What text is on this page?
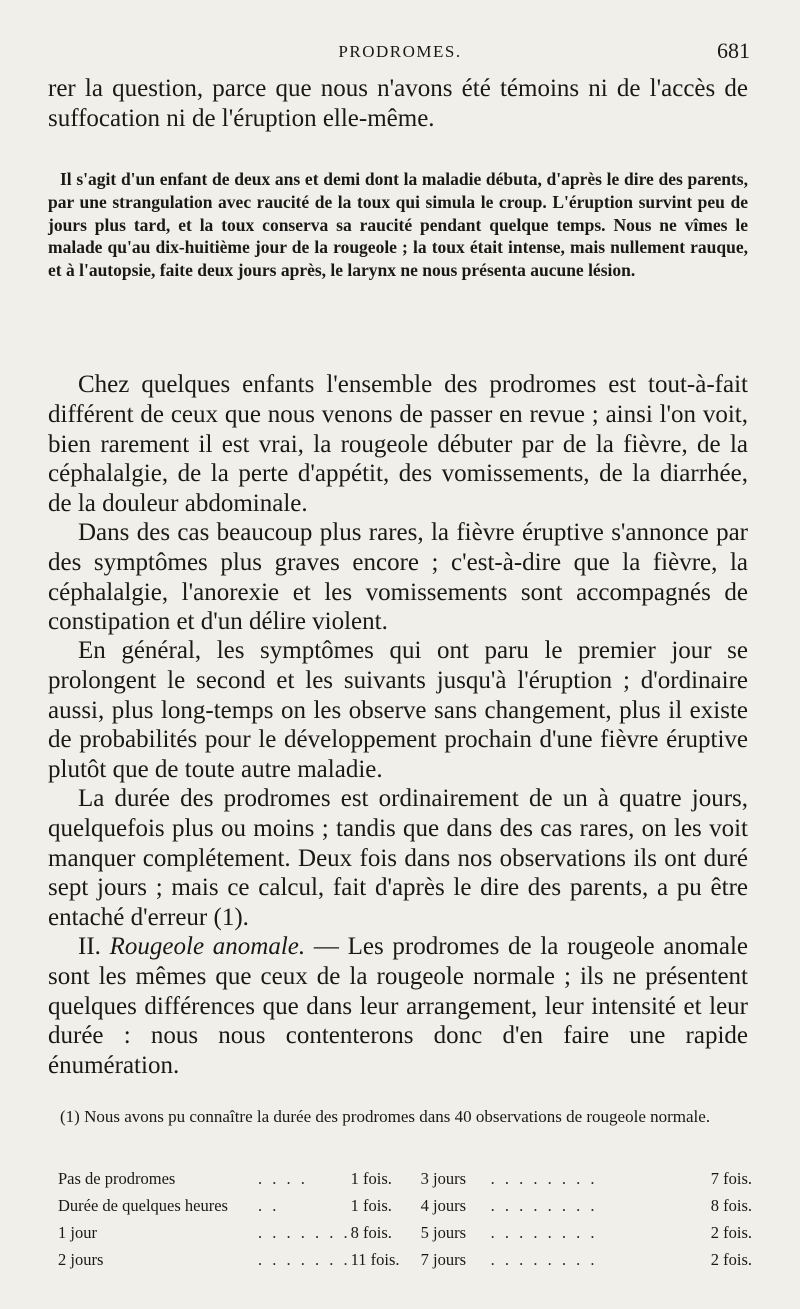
PRODROMES.	681

rer la question, parce que nous n'avons été témoins ni de l'accès de suffocation ni de l'éruption elle-même.

Il s'agit d'un enfant de deux ans et demi dont la maladie débuta, d'après le dire des parents, par une strangulation avec raucité de la toux qui simula le croup. L'éruption survint peu de jours plus tard, et la toux conserva sa raucité pendant quelque temps. Nous ne vîmes le malade qu'au dix-huitième jour de la rougeole ; la toux était intense, mais nullement rauque, et à l'autopsie, faite deux jours après, le larynx ne nous présenta aucune lésion.

Chez quelques enfants l'ensemble des prodromes est tout-à-fait différent de ceux que nous venons de passer en revue ; ainsi l'on voit, bien rarement il est vrai, la rougeole débuter par de la fièvre, de la céphalalgie, de la perte d'appétit, des vomissements, de la diarrhée, de la douleur abdominale.

Dans des cas beaucoup plus rares, la fièvre éruptive s'annonce par des symptômes plus graves encore ; c'est-à-dire que la fièvre, la céphalalgie, l'anorexie et les vomissements sont accompagnés de constipation et d'un délire violent.

En général, les symptômes qui ont paru le premier jour se prolongent le second et les suivants jusqu'à l'éruption ; d'ordinaire aussi, plus long-temps on les observe sans changement, plus il existe de probabilités pour le développement prochain d'une fièvre éruptive plutôt que de toute autre maladie.

La durée des prodromes est ordinairement de un à quatre jours, quelquefois plus ou moins ; tandis que dans des cas rares, on les voit manquer complétement. Deux fois dans nos observations ils ont duré sept jours ; mais ce calcul, fait d'après le dire des parents, a pu être entaché d'erreur (1).

II. Rougeole anomale. — Les prodromes de la rougeole anomale sont les mêmes que ceux de la rougeole normale ; ils ne présentent quelques différences que dans leur arrangement, leur intensité et leur durée : nous nous contenterons donc d'en faire une rapide énumération.

(1) Nous avons pu connaître la durée des prodromes dans 40 observations de rougeole normale.

Pas de prodromes	. . . .	1 fois.	3 jours	. . . . . . . .	7 fois.
Durée de quelques heures	. .	1 fois.	4 jours	. . . . . . . .	8 fois.
1 jour	. . . . . . .	8 fois.	5 jours	. . . . . . . .	2 fois.
2 jours	. . . . . . .	11 fois.	7 jours	. . . . . . . .	2 fois.
